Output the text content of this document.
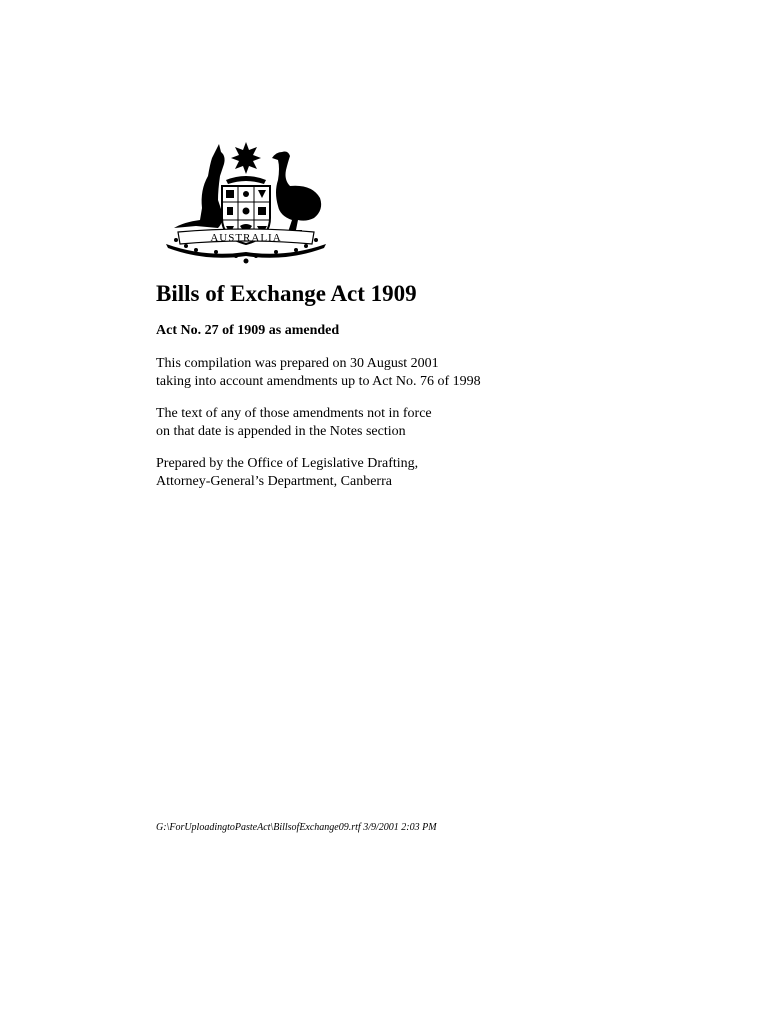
AUSTRALIA
Bills of Exchange Act 1909

Act No. 27 of 1909 as amended

This compilation was prepared on 30 August 2001
taking into account amendments up to Act No. 76 of 1998

The text of any of those amendments not in force
on that date is appended in the Notes section

Prepared by the Office of Legislative Drafting,
Attorney-General’s Department, Canberra

G:\ForUploadingtoPasteAct\BillsofExchange09.rtf 3/9/2001 2:03 PM
